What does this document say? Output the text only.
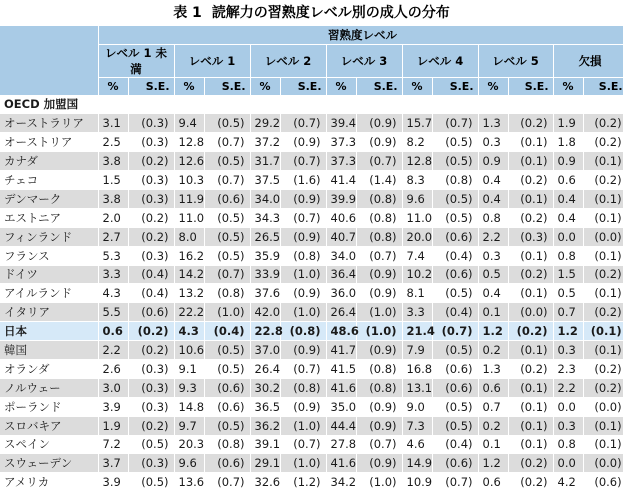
表 1 読解力の習熟度レベル別の成人の分布
	習熟度レベル													
	レベル 1 未満		レベル 1		レベル 2		レベル 3		レベル 4		レベル 5		欠損	
	%	S.E.	%	S.E.	%	S.E.	%	S.E.	%	S.E.	%	S.E.	%	S.E.
OECD 加盟国														
オーストラリア	3.1	(0.3)	9.4	(0.5)	29.2	(0.7)	39.4	(0.9)	15.7	(0.7)	1.3	(0.2)	1.9	(0.2)
オーストリア	2.5	(0.3)	12.8	(0.7)	37.2	(0.9)	37.3	(0.9)	8.2	(0.5)	0.3	(0.1)	1.8	(0.2)
カナダ	3.8	(0.2)	12.6	(0.5)	31.7	(0.7)	37.3	(0.7)	12.8	(0.5)	0.9	(0.1)	0.9	(0.1)
チェコ	1.5	(0.3)	10.3	(0.7)	37.5	(1.6)	41.4	(1.4)	8.3	(0.8)	0.4	(0.2)	0.6	(0.2)
デンマーク	3.8	(0.3)	11.9	(0.6)	34.0	(0.9)	39.9	(0.8)	9.6	(0.5)	0.4	(0.1)	0.4	(0.1)
エストニア	2.0	(0.2)	11.0	(0.5)	34.3	(0.7)	40.6	(0.8)	11.0	(0.5)	0.8	(0.2)	0.4	(0.1)
フィンランド	2.7	(0.2)	8.0	(0.5)	26.5	(0.9)	40.7	(0.8)	20.0	(0.6)	2.2	(0.3)	0.0	(0.0)
フランス	5.3	(0.3)	16.2	(0.5)	35.9	(0.8)	34.0	(0.7)	7.4	(0.4)	0.3	(0.1)	0.8	(0.1)
ドイツ	3.3	(0.4)	14.2	(0.7)	33.9	(1.0)	36.4	(0.9)	10.2	(0.6)	0.5	(0.2)	1.5	(0.2)
アイルランド	4.3	(0.4)	13.2	(0.8)	37.6	(0.9)	36.0	(0.9)	8.1	(0.5)	0.4	(0.1)	0.5	(0.1)
イタリア	5.5	(0.6)	22.2	(1.0)	42.0	(1.0)	26.4	(1.0)	3.3	(0.4)	0.1	(0.0)	0.7	(0.2)
日本	0.6	(0.2)	4.3	(0.4)	22.8	(0.8)	48.6	(1.0)	21.4	(0.7)	1.2	(0.2)	1.2	(0.1)
韓国	2.2	(0.2)	10.6	(0.5)	37.0	(0.9)	41.7	(0.9)	7.9	(0.5)	0.2	(0.1)	0.3	(0.1)
オランダ	2.6	(0.3)	9.1	(0.5)	26.4	(0.7)	41.5	(0.8)	16.8	(0.6)	1.3	(0.2)	2.3	(0.2)
ノルウェー	3.0	(0.3)	9.3	(0.6)	30.2	(0.8)	41.6	(0.8)	13.1	(0.6)	0.6	(0.1)	2.2	(0.2)
ポーランド	3.9	(0.3)	14.8	(0.6)	36.5	(0.9)	35.0	(0.9)	9.0	(0.5)	0.7	(0.1)	0.0	(0.0)
スロバキア	1.9	(0.2)	9.7	(0.5)	36.2	(1.0)	44.4	(0.9)	7.3	(0.5)	0.2	(0.1)	0.3	(0.1)
スペイン	7.2	(0.5)	20.3	(0.8)	39.1	(0.7)	27.8	(0.7)	4.6	(0.4)	0.1	(0.1)	0.8	(0.1)
スウェーデン	3.7	(0.3)	9.6	(0.6)	29.1	(1.0)	41.6	(0.9)	14.9	(0.6)	1.2	(0.2)	0.0	(0.0)
アメリカ	3.9	(0.5)	13.6	(0.7)	32.6	(1.2)	34.2	(1.0)	10.9	(0.7)	0.6	(0.2)	4.2	(0.6)
